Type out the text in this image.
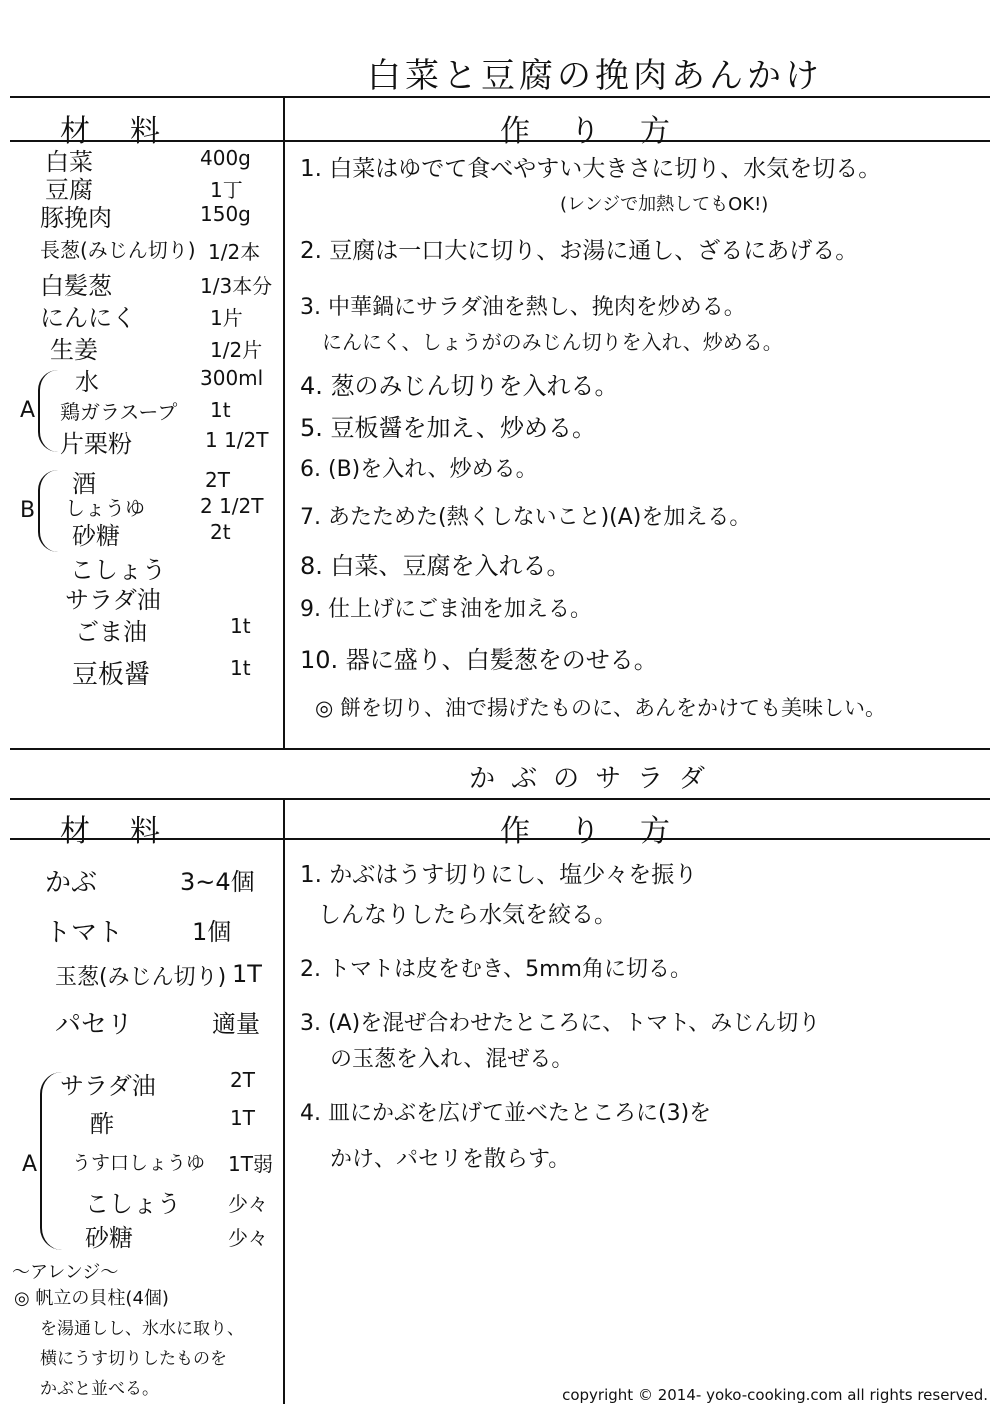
白菜と豆腐の挽肉あんかけ
材料	作り方
白菜	400g
豆腐	1丁
豚挽肉	150g
長葱(みじん切り) 1/2本
白髪葱	1/3本分
にんにく	1片
生姜	1/2片
A
水	300ml
鶏ガラスープ 1t
片栗粉	1 1/2T
B
酒	2T
しょうゆ	2 1/2T
砂糖	2t
こしょう
サラダ油
ごま油	1t
豆板醤	1t
1. 白菜はゆでて食べやすい大きさに切り、水気を切る。
(レンジで加熱してもOK!)
2. 豆腐は一口大に切り、お湯に通し、ざるにあげる。
3. 中華鍋にサラダ油を熱し、挽肉を炒める。
にんにく、しょうがのみじん切りを入れ、炒める。
4. 葱のみじん切りを入れる。
5. 豆板醤を加え、炒める。
6. (B)を入れ、炒める。
7. あたためた(熱くしないこと)(A)を加える。
8. 白菜、豆腐を入れる。
9. 仕上げにごま油を加える。
10. 器に盛り、白髪葱をのせる。
◎ 餅を切り、油で揚げたものに、あんをかけても美味しい。
かぶのサラダ
材料	作り方
かぶ	3~4個
トマト	1個
玉葱(みじん切り) 1T
パセリ	適量
A
サラダ油	2T
酢	1T
うす口しょうゆ 1T弱
こしょう 少々
砂糖	少々
〜アレンジ〜
◎ 帆立の貝柱(4個)
を湯通しし、氷水に取り、
横にうす切りしたものを
かぶと並べる。
1. かぶはうす切りにし、塩少々を振り
しんなりしたら水気を絞る。
2. トマトは皮をむき、5mm角に切る。
3. (A)を混ぜ合わせたところに、トマト、みじん切り
の玉葱を入れ、混ぜる。
4. 皿にかぶを広げて並べたところに(3)を
かけ、パセリを散らす。
copyright © 2014- yoko-cooking.com all rights reserved.
